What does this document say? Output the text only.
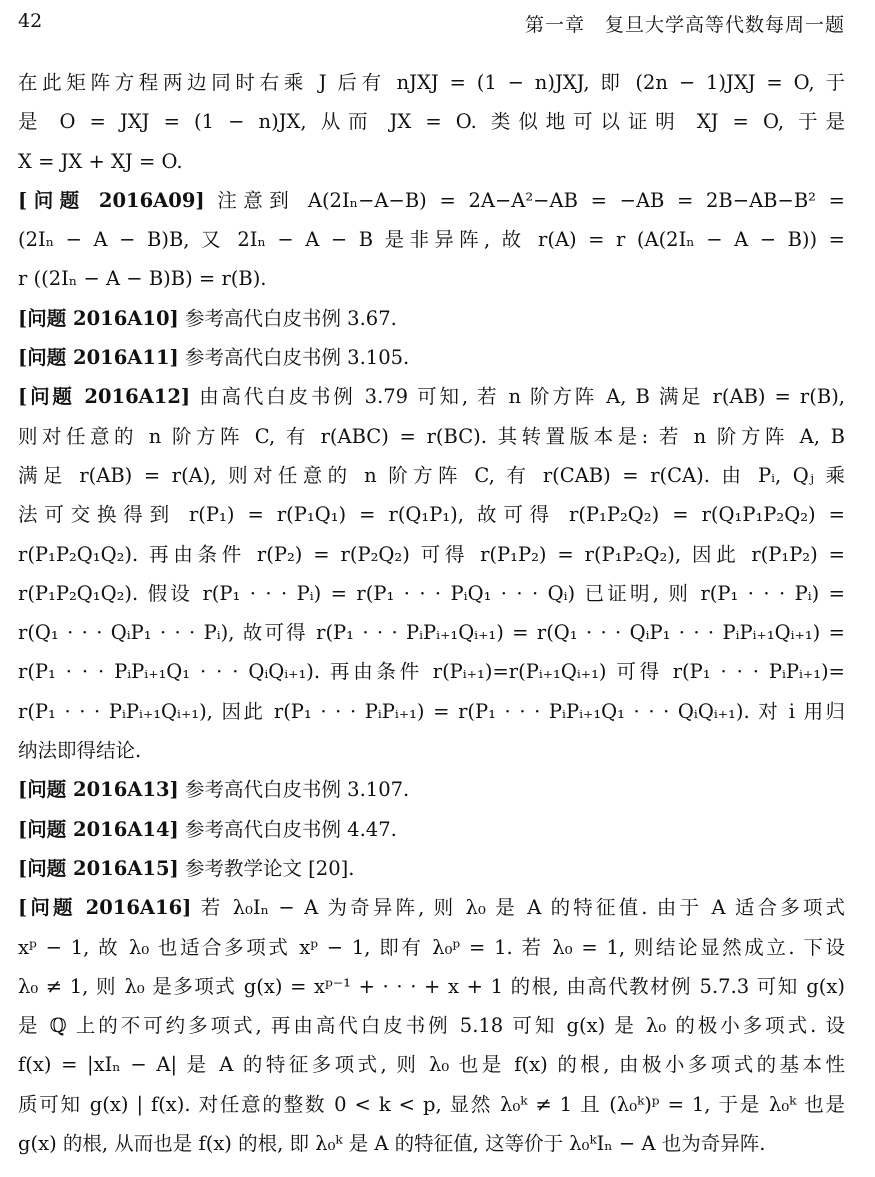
42	第一章　复旦大学高等代数每周一题
在此矩阵方程两边同时右乘 J 后有 nJXJ = (1 − n)JXJ, 即 (2n − 1)JXJ = O, 于
是 O = JXJ = (1 − n)JX, 从而 JX = O. 类似地可以证明 XJ = O, 于是
X = JX + XJ = O.
[问题 2016A09] 注意到 A(2Iₙ−A−B) = 2A−A²−AB = −AB = 2B−AB−B² =
(2Iₙ − A − B)B, 又 2Iₙ − A − B 是非异阵, 故 r(A) = r (A(2Iₙ − A − B)) =
r ((2Iₙ − A − B)B) = r(B).
[问题 2016A10] 参考高代白皮书例 3.67.
[问题 2016A11] 参考高代白皮书例 3.105.
[问题 2016A12] 由高代白皮书例 3.79 可知, 若 n 阶方阵 A, B 满足 r(AB) = r(B),
则对任意的 n 阶方阵 C, 有 r(ABC) = r(BC). 其转置版本是: 若 n 阶方阵 A, B
满足 r(AB) = r(A), 则对任意的 n 阶方阵 C, 有 r(CAB) = r(CA). 由 Pᵢ, Qⱼ 乘
法可交换得到 r(P₁) = r(P₁Q₁) = r(Q₁P₁), 故可得 r(P₁P₂Q₂) = r(Q₁P₁P₂Q₂) =
r(P₁P₂Q₁Q₂). 再由条件 r(P₂) = r(P₂Q₂) 可得 r(P₁P₂) = r(P₁P₂Q₂), 因此 r(P₁P₂) =
r(P₁P₂Q₁Q₂). 假设 r(P₁ · · · Pᵢ) = r(P₁ · · · PᵢQ₁ · · · Qᵢ) 已证明, 则 r(P₁ · · · Pᵢ) =
r(Q₁ · · · QᵢP₁ · · · Pᵢ), 故可得 r(P₁ · · · PᵢPᵢ₊₁Qᵢ₊₁) = r(Q₁ · · · QᵢP₁ · · · PᵢPᵢ₊₁Qᵢ₊₁) =
r(P₁ · · · PᵢPᵢ₊₁Q₁ · · · QᵢQᵢ₊₁). 再由条件 r(Pᵢ₊₁)=r(Pᵢ₊₁Qᵢ₊₁) 可得 r(P₁ · · · PᵢPᵢ₊₁)=
r(P₁ · · · PᵢPᵢ₊₁Qᵢ₊₁), 因此 r(P₁ · · · PᵢPᵢ₊₁) = r(P₁ · · · PᵢPᵢ₊₁Q₁ · · · QᵢQᵢ₊₁). 对 i 用归
纳法即得结论.
[问题 2016A13] 参考高代白皮书例 3.107.
[问题 2016A14] 参考高代白皮书例 4.47.
[问题 2016A15] 参考教学论文 [20].
[问题 2016A16] 若 λ₀Iₙ − A 为奇异阵, 则 λ₀ 是 A 的特征值. 由于 A 适合多项式
xᵖ − 1, 故 λ₀ 也适合多项式 xᵖ − 1, 即有 λ₀ᵖ = 1. 若 λ₀ = 1, 则结论显然成立. 下设
λ₀ ≠ 1, 则 λ₀ 是多项式 g(x) = xᵖ⁻¹ + · · · + x + 1 的根, 由高代教材例 5.7.3 可知 g(x)
是 ℚ 上的不可约多项式, 再由高代白皮书例 5.18 可知 g(x) 是 λ₀ 的极小多项式. 设
f(x) = |xIₙ − A| 是 A 的特征多项式, 则 λ₀ 也是 f(x) 的根, 由极小多项式的基本性
质可知 g(x) | f(x). 对任意的整数 0 < k < p, 显然 λ₀ᵏ ≠ 1 且 (λ₀ᵏ)ᵖ = 1, 于是 λ₀ᵏ 也是
g(x) 的根, 从而也是 f(x) 的根, 即 λ₀ᵏ 是 A 的特征值, 这等价于 λ₀ᵏIₙ − A 也为奇异阵.
